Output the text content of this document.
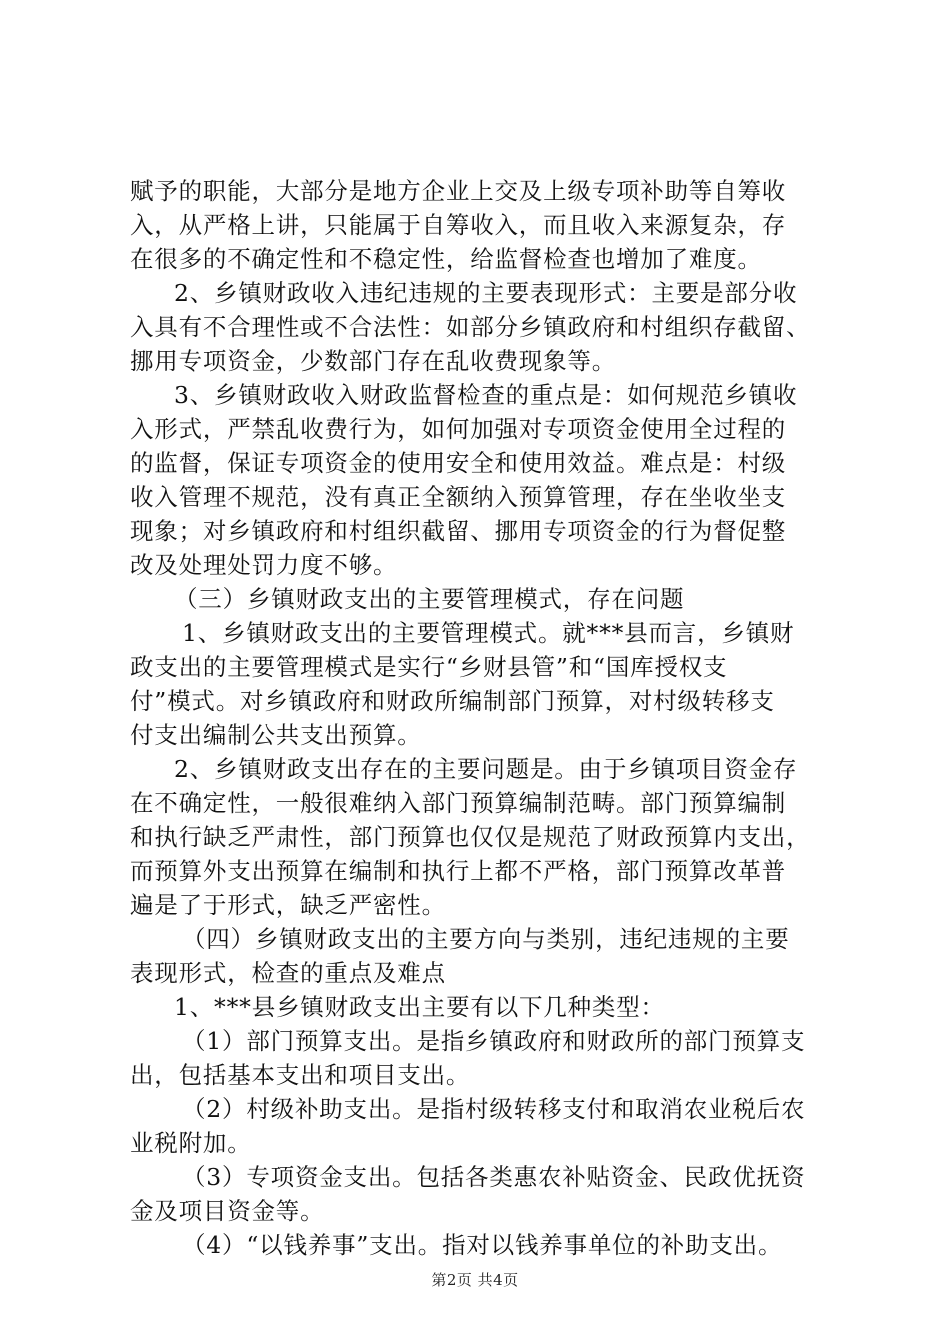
赋予的职能，大部分是地方企业上交及上级专项补助等自筹收
入，从严格上讲，只能属于自筹收入，而且收入来源复杂，存
在很多的不确定性和不稳定性，给监督检查也增加了难度。
2、乡镇财政收入违纪违规的主要表现形式：主要是部分收
入具有不合理性或不合法性：如部分乡镇政府和村组织存截留、
挪用专项资金，少数部门存在乱收费现象等。
3、乡镇财政收入财政监督检查的重点是：如何规范乡镇收
入形式，严禁乱收费行为，如何加强对专项资金使用全过程的
的监督，保证专项资金的使用安全和使用效益。难点是：村级
收入管理不规范，没有真正全额纳入预算管理，存在坐收坐支
现象；对乡镇政府和村组织截留、挪用专项资金的行为督促整
改及处理处罚力度不够。
（三）乡镇财政支出的主要管理模式，存在问题
1、乡镇财政支出的主要管理模式。就***县而言，乡镇财
政支出的主要管理模式是实行“乡财县管”和“国库授权支
付”模式。对乡镇政府和财政所编制部门预算，对村级转移支
付支出编制公共支出预算。
2、乡镇财政支出存在的主要问题是。由于乡镇项目资金存
在不确定性，一般很难纳入部门预算编制范畴。部门预算编制
和执行缺乏严肃性，部门预算也仅仅是规范了财政预算内支出，
而预算外支出预算在编制和执行上都不严格，部门预算改革普
遍是了于形式，缺乏严密性。
（四）乡镇财政支出的主要方向与类别，违纪违规的主要
表现形式，检查的重点及难点
1、***县乡镇财政支出主要有以下几种类型：
（1）部门预算支出。是指乡镇政府和财政所的部门预算支
出，包括基本支出和项目支出。
（2）村级补助支出。是指村级转移支付和取消农业税后农
业税附加。
（3）专项资金支出。包括各类惠农补贴资金、民政优抚资
金及项目资金等。
（4）“以钱养事”支出。指对以钱养事单位的补助支出。
第2页 共4页
